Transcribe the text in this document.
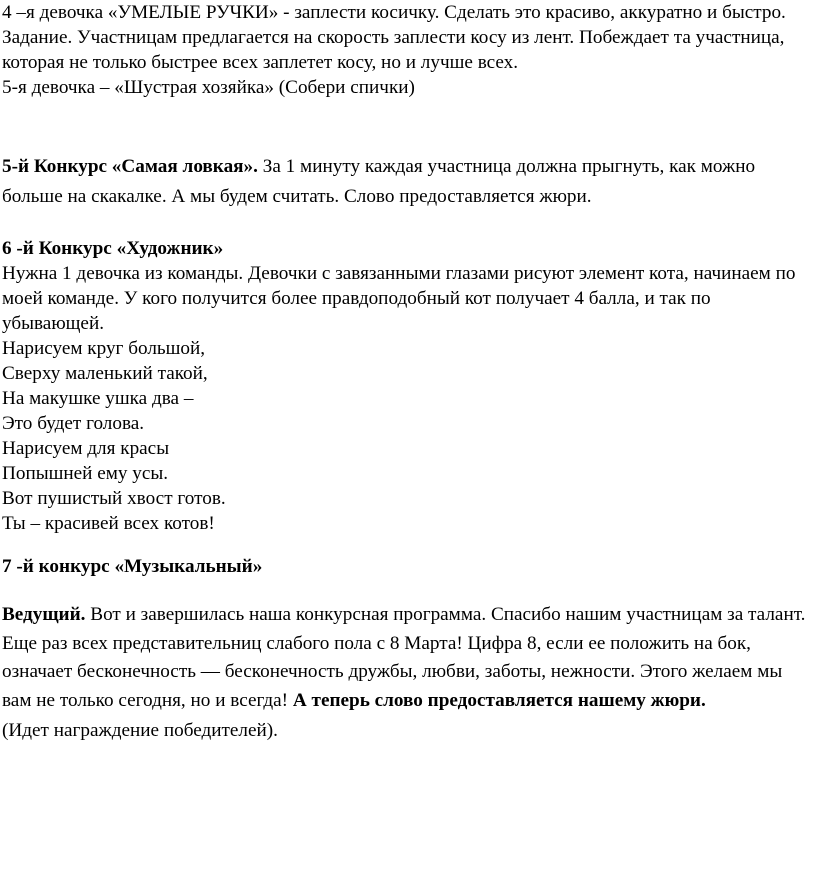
4 –я девочка «УМЕЛЫЕ РУЧКИ» - заплести косичку. Сделать это красиво, аккуратно и быстро.

Задание. Участницам предлагается на скорость заплести косу из лент. Побеждает та участница, которая не только быстрее всех заплетет косу, но и лучше всех.

5-я девочка – «Шустрая хозяйка» (Собери спички)

5-й Конкурс «Самая ловкая». За 1 минуту каждая участница должна прыгнуть, как можно больше на скакалке. А мы будем считать. Слово предоставляется жюри.

6 -й Конкурс «Художник»

Нужна 1 девочка из команды. Девочки с завязанными глазами рисуют элемент кота, начинаем по моей команде. У кого получится более правдоподобный кот получает 4 балла, и так по убывающей.

Нарисуем круг большой,

Сверху маленький такой,

На макушке ушка два –

Это будет голова.

Нарисуем для красы

Попышней ему усы.

Вот пушистый хвост готов.

Ты – красивей всех котов!

7 -й конкурс «Музыкальный»

Ведущий. Вот и завершилась наша конкурсная программа. Спасибо нашим участницам за талант. Еще раз всех представительниц слабого пола с 8 Марта! Цифра 8, если ее положить на бок, означает бесконечность — бесконечность дружбы, любви, заботы, нежности. Этого желаем мы вам не только сегодня, но и всегда! А теперь слово предоставляется нашему жюри.

(Идет награждение победителей).
